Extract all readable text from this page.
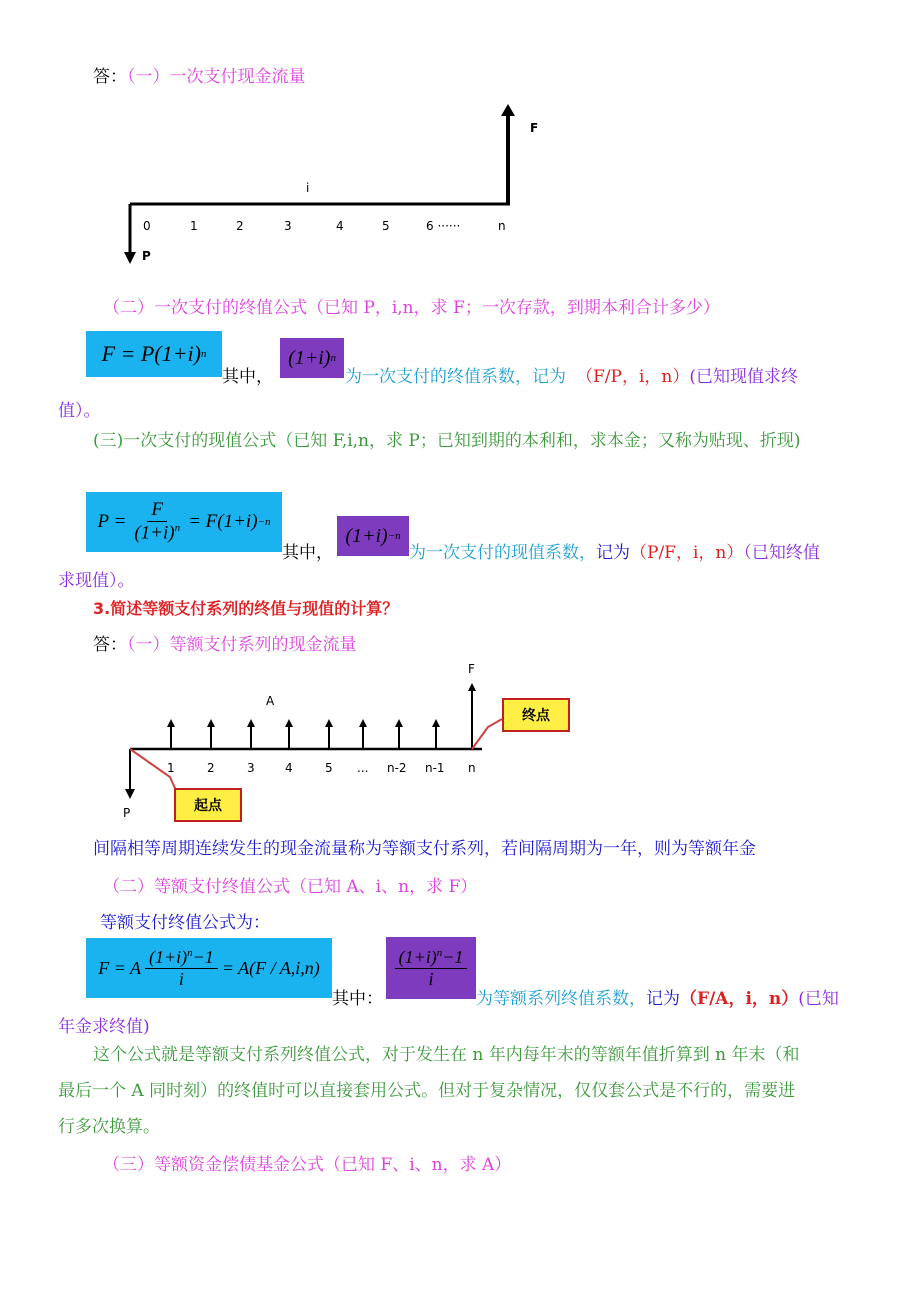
答：（一）一次支付现金流量
F
i
P
0	1	2	3	4	5	6 ······	n
（二）一次支付的终值公式（已知 P，i,n，求 F；一次存款，到期本利合计多少）
F = P(1+i) n
其中，
(1+i) n
为一次支付的终值系数，记为 （F/P，i，n）(已知现值求终
值）。
(三)一次支付的现值公式（已知 F,i,n，求 P；已知到期的本利和，求本金；又称为贴现、折现)
$P = \frac{F}{(1+i)^n} = F(1+i) -n$
其中，
(1+i) −n
为一次支付的现值系数，记为（P/F，i，n）（已知终值
求现值）。
3.简述等额支付系列的终值与现值的计算？
答：（一）等额支付系列的现金流量
F
A
P
1	2	3	4	5 ... n-2 n-1 n
终点
起点
间隔相等周期连续发生的现金流量称为等额支付系列，若间隔周期为一年，则为等额年金
（二）等额支付终值公式（已知 A、i、n，求 F）
等额支付终值公式为：
F = A $\frac{(1+i)^n-1}{i} = A(F / A,i,n)$
其中：
$\frac{(1+i)^n-1}{i}$
为等额系列终值系数，记为（F/A，i，n）(已知
年金求终值)
这个公式就是等额支付系列终值公式，对于发生在 n 年内每年末的等额年值折算到 n 年末（和
最后一个 A 同时刻）的终值时可以直接套用公式。但对于复杂情况，仅仅套公式是不行的，需要进
行多次换算。
（三）等额资金偿债基金公式（已知 F、i、n，求 A）
